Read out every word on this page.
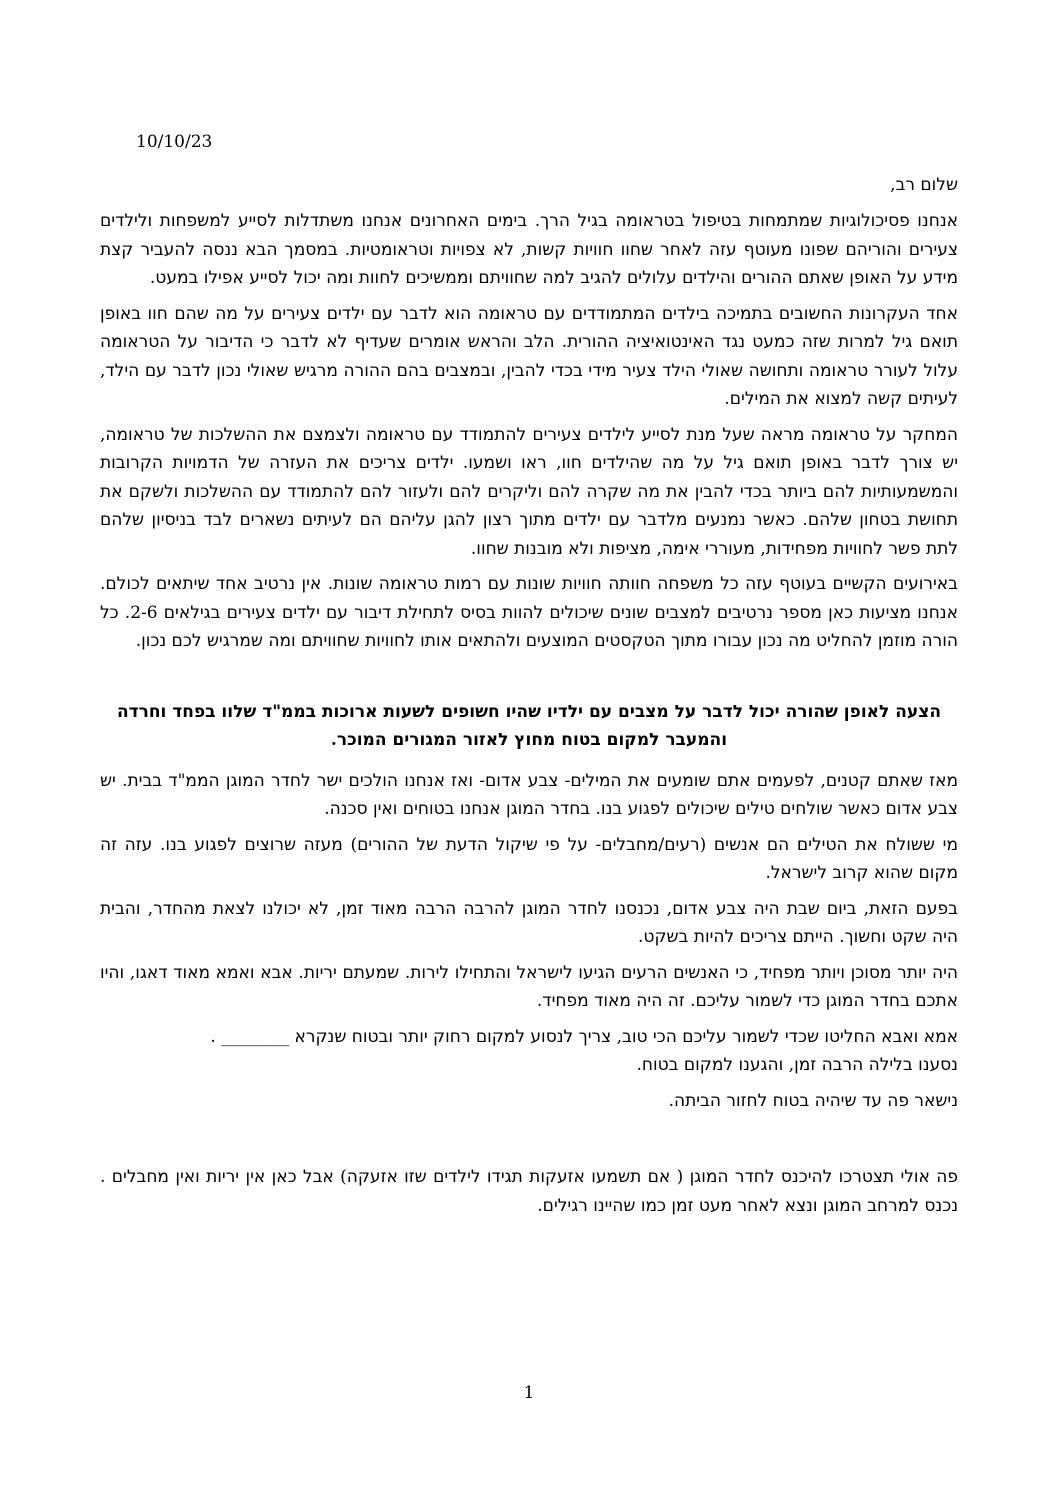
10/10/23
שלום רב,

אנחנו פסיכולוגיות שמתמחות בטיפול בטראומה בגיל הרך. בימים האחרונים אנחנו משתדלות לסייע למשפחות ולילדים צעירים והוריהם שפונו מעוטף עזה לאחר שחוו חוויות קשות, לא צפויות וטראומטיות. במסמך הבא ננסה להעביר קצת מידע על האופן שאתם ההורים והילדים עלולים להגיב למה שחוויתם וממשיכים לחוות ומה יכול לסייע אפילו במעט.

אחד העקרונות החשובים בתמיכה בילדים המתמודדים עם טראומה הוא לדבר עם ילדים צעירים על מה שהם חוו באופן תואם גיל למרות שזה כמעט נגד האינטואיציה ההורית. הלב והראש אומרים שעדיף לא לדבר כי הדיבור על הטראומה עלול לעורר טראומה ותחושה שאולי הילד צעיר מידי בכדי להבין, ובמצבים בהם ההורה מרגיש שאולי נכון לדבר עם הילד, לעיתים קשה למצוא את המילים.

המחקר על טראומה מראה שעל מנת לסייע לילדים צעירים להתמודד עם טראומה ולצמצם את ההשלכות של טראומה, יש צורך לדבר באופן תואם גיל על מה שהילדים חוו, ראו ושמעו. ילדים צריכים את העזרה של הדמויות הקרובות והמשמעותיות להם ביותר בכדי להבין את מה שקרה להם וליקרים להם ולעזור להם להתמודד עם ההשלכות ולשקם את תחושת בטחון שלהם. כאשר נמנעים מלדבר עם ילדים מתוך רצון להגן עליהם הם לעיתים נשארים לבד בניסיון שלהם לתת פשר לחוויות מפחידות, מעוררי אימה, מציפות ולא מובנות שחוו.

באירועים הקשיים בעוטף עזה כל משפחה חוותה חוויות שונות עם רמות טראומה שונות. אין נרטיב אחד שיתאים לכולם. אנחנו מציעות כאן מספר נרטיבים למצבים שונים שיכולים להוות בסיס לתחילת דיבור עם ילדים צעירים בגילאים 2-6. כל הורה מוזמן להחליט מה נכון עבורו מתוך הטקסטים המוצעים ולהתאים אותו לחוויות שחוויתם ומה שמרגיש לכם נכון.

הצעה לאופן שהורה יכול לדבר על מצבים עם ילדיו שהיו חשופים לשעות ארוכות בממ"ד שלוו בפחד וחרדה והמעבר למקום בטוח מחוץ לאזור המגורים המוכר.

מאז שאתם קטנים, לפעמים אתם שומעים את המילים- צבע אדום- ואז אנחנו הולכים ישר לחדר המוגן הממ"ד בבית. יש צבע אדום כאשר שולחים טילים שיכולים לפגוע בנו. בחדר המוגן אנחנו בטוחים ואין סכנה.

מי ששולח את הטילים הם אנשים (רעים/מחבלים- על פי שיקול הדעת של ההורים) מעזה שרוצים לפגוע בנו. עזה זה מקום שהוא קרוב לישראל.

בפעם הזאת, ביום שבת היה צבע אדום, נכנסנו לחדר המוגן להרבה הרבה מאוד זמן, לא יכולנו לצאת מהחדר, והבית היה שקט וחשוך. הייתם צריכים להיות בשקט.

היה יותר מסוכן ויותר מפחיד, כי האנשים הרעים הגיעו לישראל והתחילו לירות. שמעתם יריות. אבא ואמא מאוד דאגו, והיו אתכם בחדר המוגן כדי לשמור עליכם. זה היה מאוד מפחיד.

אמא ואבא החליטו שכדי לשמור עליכם הכי טוב, צריך לנסוע למקום רחוק יותר ובטוח שנקרא ________ .
נסענו בלילה הרבה זמן, והגענו למקום בטוח.

נישאר פה עד שיהיה בטוח לחזור הביתה.

פה אולי תצטרכו להיכנס לחדר המוגן ( אם תשמעו אזעקות תגידו לילדים שזו אזעקה) אבל כאן אין יריות ואין מחבלים . נכנס למרחב המוגן ונצא לאחר מעט זמן כמו שהיינו רגילים.

1
